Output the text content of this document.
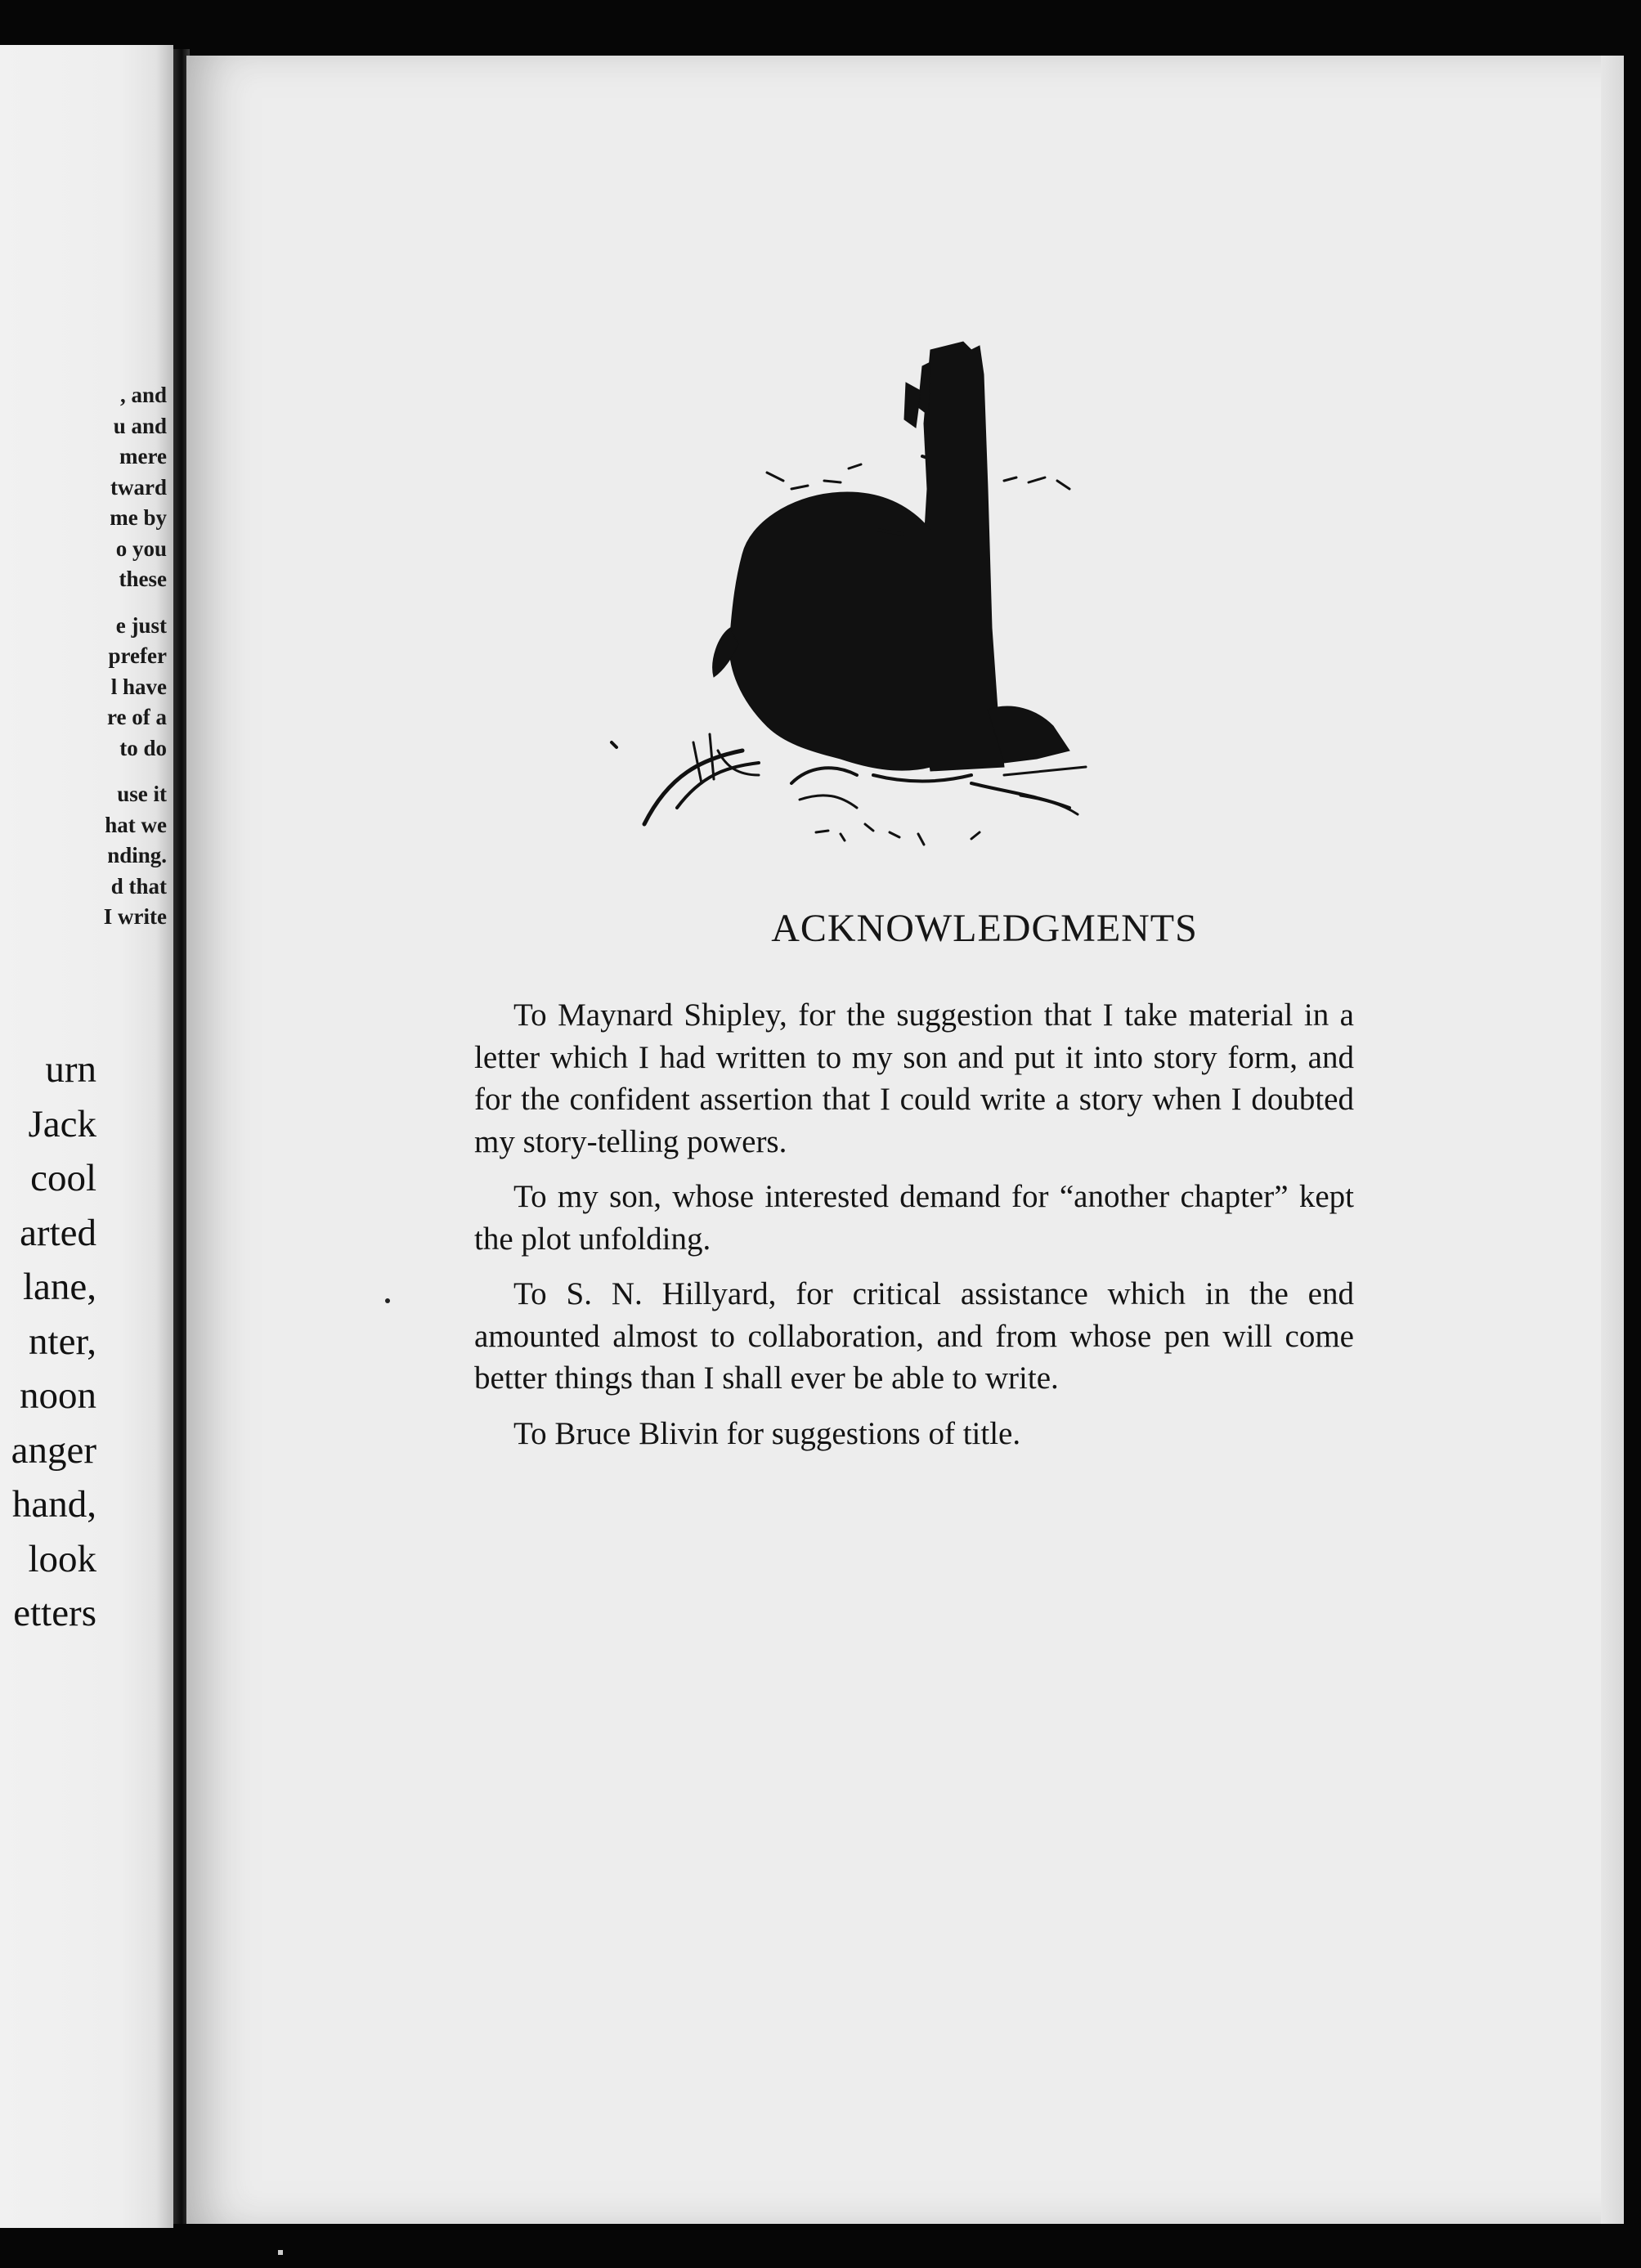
, and
u and
mere
tward
me by
o you
these
e just
prefer
l have
re of a
to do
use it
hat we
nding.
d that
I write
urn
Jack
cool
arted
lane,
nter,
noon
anger
hand,
look
etters
ACKNOWLEDGMENTS

To Maynard Shipley, for the suggestion that I take material in a letter which I had written to my son and put it into story form, and for the confident assertion that I could write a story when I doubted my story-telling powers.

To my son, whose interested demand for “another chapter” kept the plot unfolding.

To S. N. Hillyard, for critical assistance which in the end amounted almost to collaboration, and from whose pen will come better things than I shall ever be able to write.

To Bruce Blivin for suggestions of title.
